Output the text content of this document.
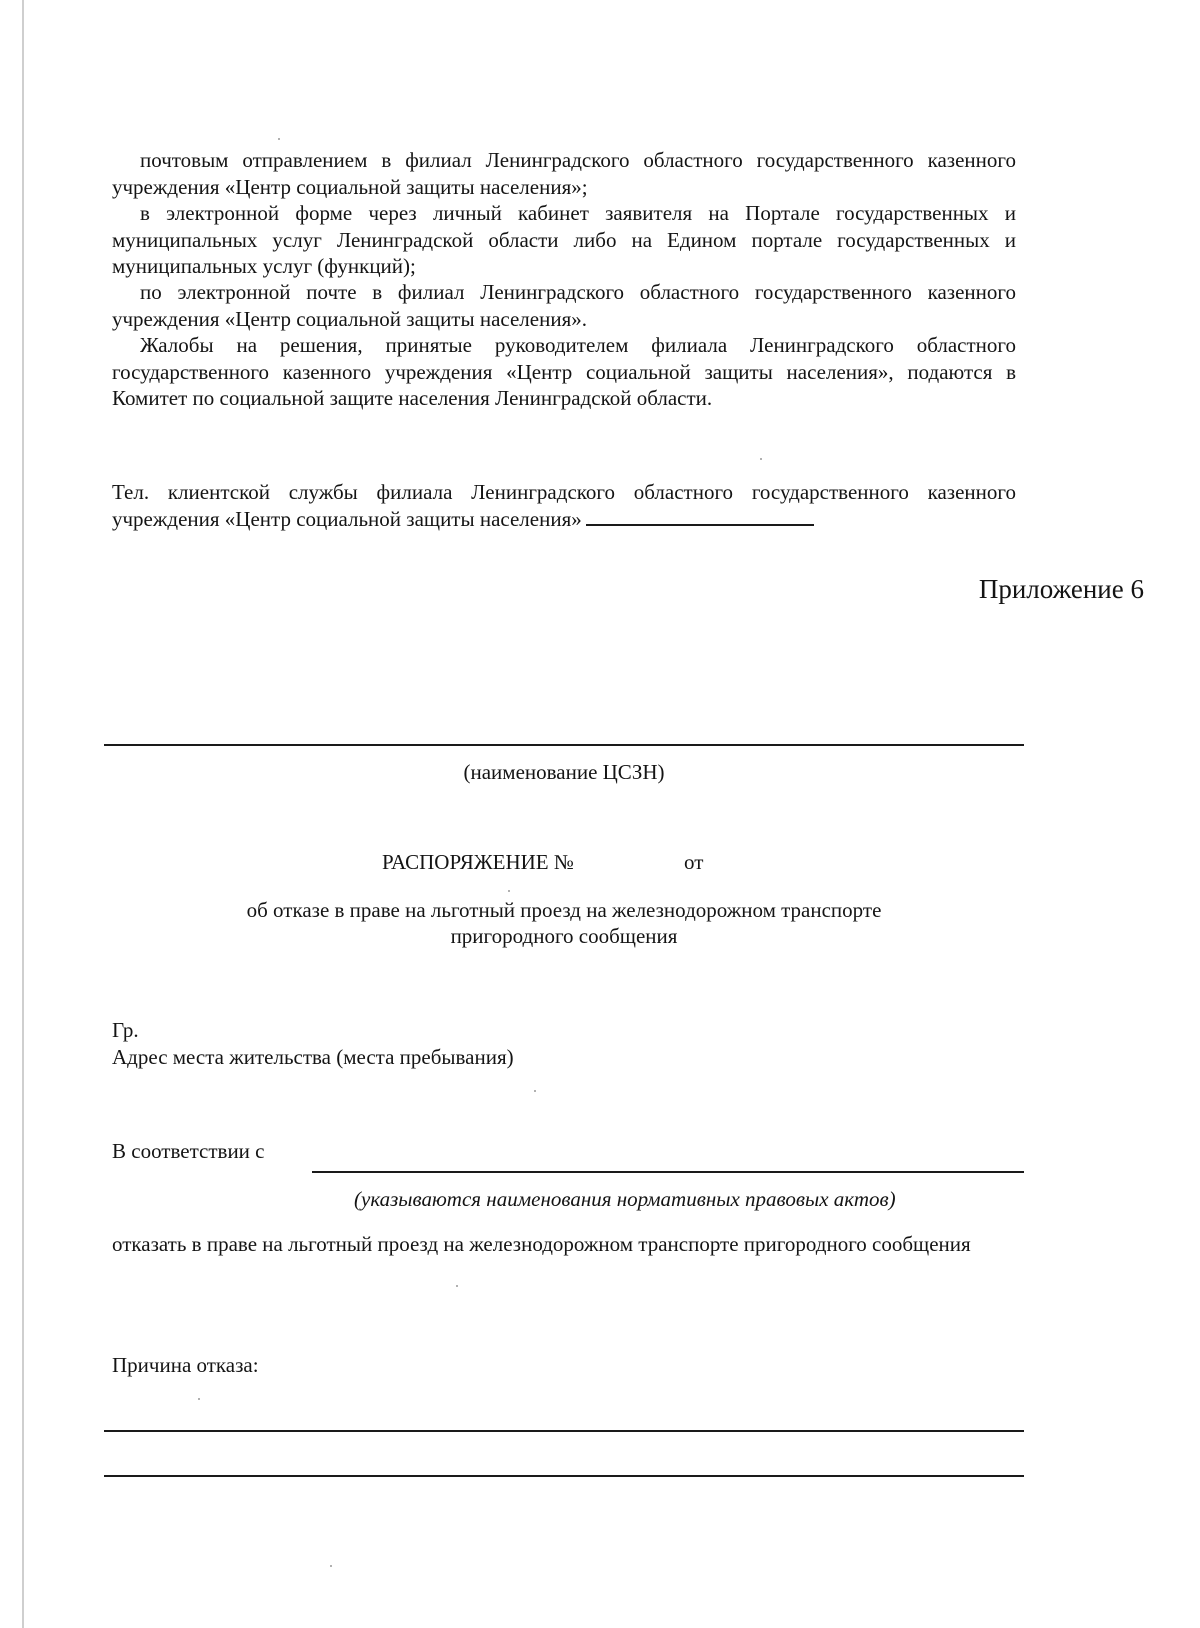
почтовым отправлением в филиал Ленинградского областного государственного казенного учреждения «Центр социальной защиты населения»;

в электронной форме через личный кабинет заявителя на Портале государственных и муниципальных услуг Ленинградской области либо на Едином портале государственных и муниципальных услуг (функций);

по электронной почте в филиал Ленинградского областного государственного казенного учреждения «Центр социальной защиты населения».

Жалобы на решения, принятые руководителем филиала Ленинградского областного государственного казенного учреждения «Центр социальной защиты населения», подаются в Комитет по социальной защите населения Ленинградской области.

Тел. клиентской службы филиала Ленинградского областного государственного казенного учреждения «Центр социальной защиты населения»

Приложение 6
(наименование ЦСЗН)
РАСПОРЯЖЕНИЕ №	от
об отказе в праве на льготный проезд на железнодорожном транспорте
пригородного сообщения
Гр.
Адрес места жительства (места пребывания)
В соответствии с
(указываются наименования нормативных правовых актов)

отказать в праве на льготный проезд на железнодорожном транспорте пригородного сообщения

Причина отказа:
